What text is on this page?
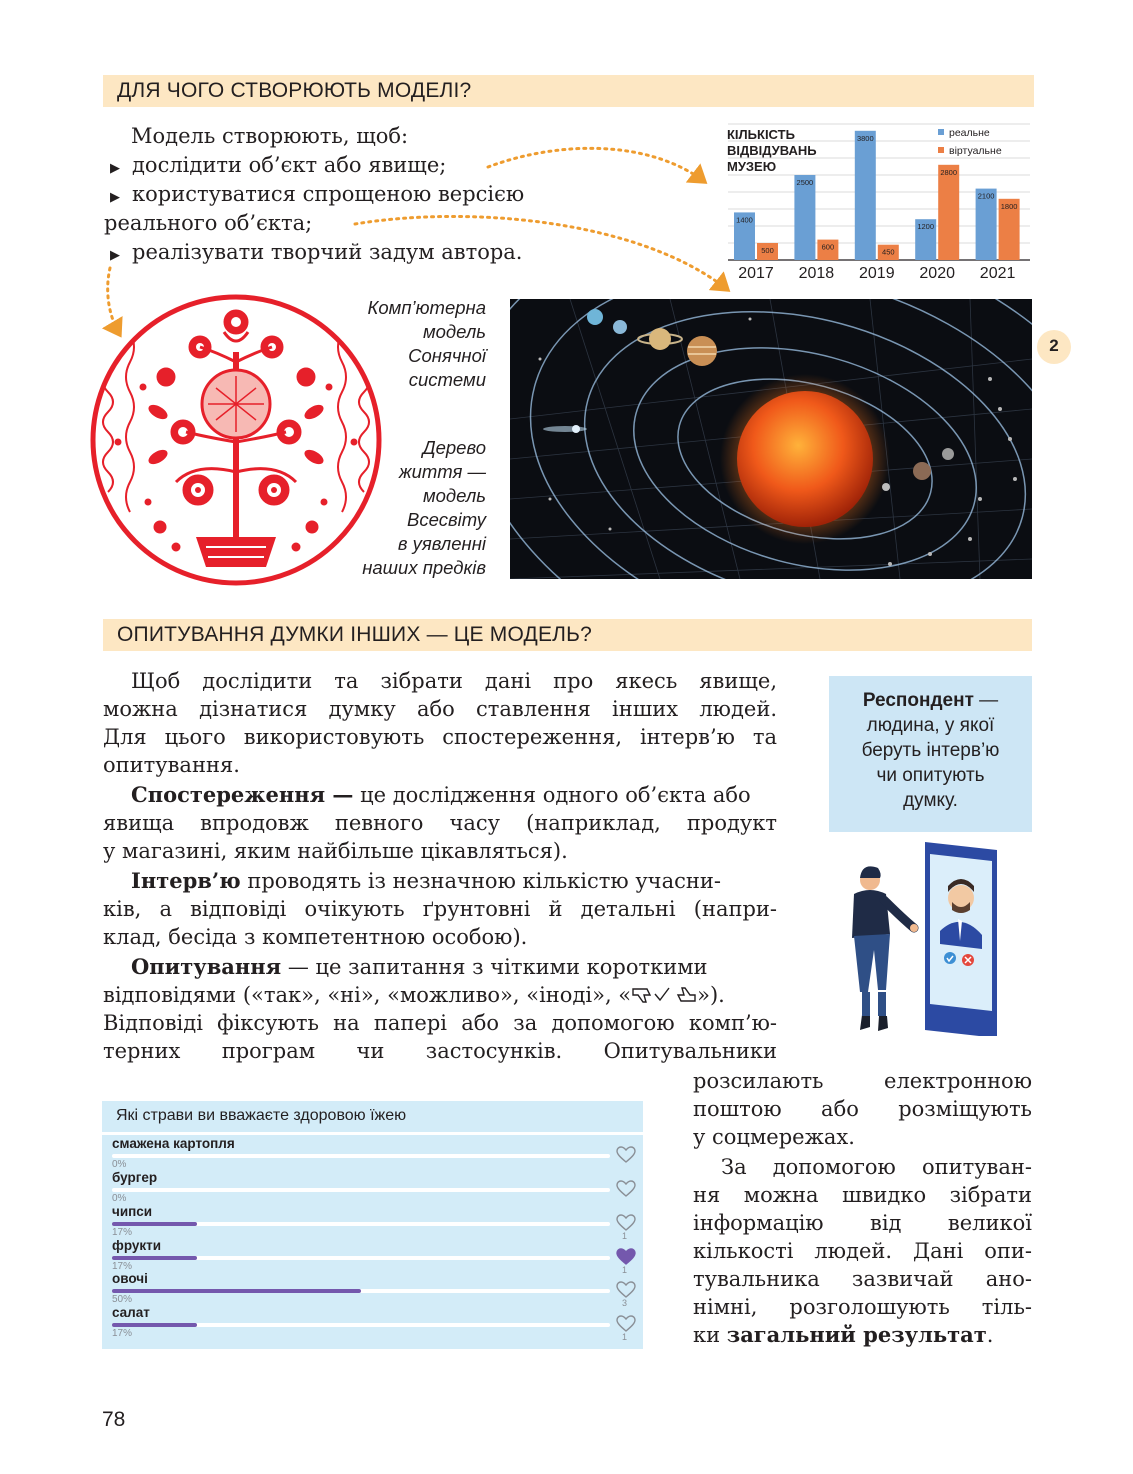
ДЛЯ ЧОГО СТВОРЮЮТЬ МОДЕЛІ?
Модель створюють, щоб:
▶ дослідити об’єкт або явище;
▶ користуватися спрощеною версією
реального об’єкта;
▶ реалізувати творчий задум автора.
1400
500
2017
2500
600
2018
3800
450
2019
1200
2800
2020
2100
1800
2021
КІЛЬКІСТЬ
ВІДВІДУВАНЬ
МУЗЕЮ
реальне
віртуальне
Комп’ютерна
модель
Сонячної
системи
Дерево
життя —
модель
Всесвіту
в уявленні
наших предків
2
ОПИТУВАННЯ ДУМКИ ІНШИХ — ЦЕ МОДЕЛЬ?
Щоб дослідити та зібрати дані про якесь явище,
можна дізнатися думку або ставлення інших людей.
Для цього використовують спостереження, інтерв’ю та
опитування.
Спостереження — це дослідження одного об’єкта або
явища впродовж певного часу (наприклад, продукт
у магазині, яким найбільше цікавляться).
Інтерв’ю проводять із незначною кількістю учасни-
ків, а відповіді очікують ґрунтовні й детальні (напри-
клад, бесіда з компетентною особою).
Опитування — це запитання з чіткими короткими
відповідями («так», «ні», «можливо», «іноді», «	»).
Відповіді фіксують на папері або за допомогою комп’ю-
терних програм чи застосунків. Опитувальники
розсилають електронною
поштою або розміщують
у соцмережах.
За допомогою опитуван-
ня можна швидко зібрати
інформацію від великої
кількості людей. Дані опи-
тувальника зазвичай ано-
німні, розголошують тіль-
ки загальний результат.
Респондент —
людина, у якої
беруть інтерв’ю
чи опитують
думку.
Які страви ви вважаєте здоровою їжею
смажена картопля
0%
бургер
0%
чипси
17%	1
фрукти
17%	1
овочі
50%	3
салат
17%	1
78
